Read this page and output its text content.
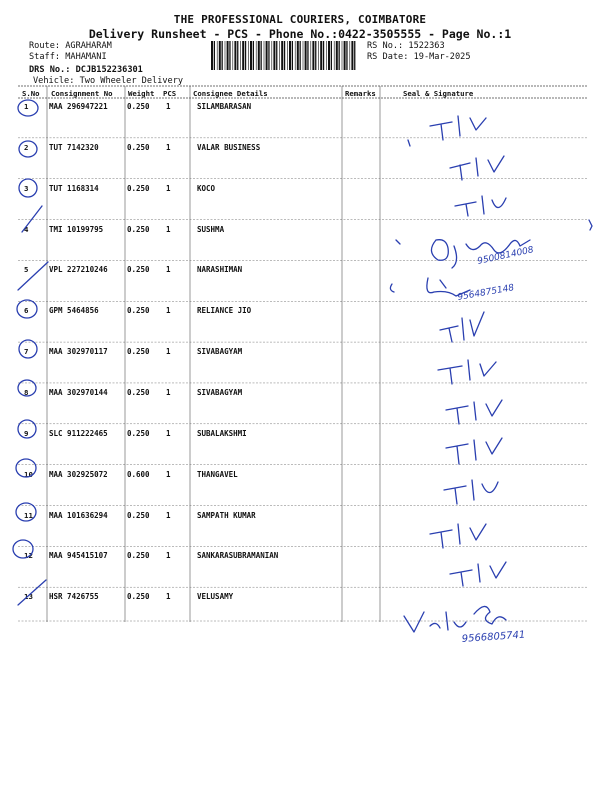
THE PROFESSIONAL COURIERS, COIMBATORE
Delivery Runsheet - PCS - Phone No.:0422-3505555 - Page No.:1
Route: AGRAHARAM
Staff: MAHAMANI
DRS No.: DCJB152236301
Vehicle: Two Wheeler Delivery
RS No.: 1522363
RS Date: 19-Mar-2025
S.No Consignment No Weight PCS Consignee Details	Remarks	Seal & Signature
1	MAA 296947221	0.250 1	SILAMBARASAN
2	TUT 7142320	0.250 1	VALAR BUSINESS
3	TUT 1168314	0.250 1	KOCO
4	TMI 10199795	0.250 1	SUSHMA
5	VPL 227210246	0.250 1	NARASHIMAN
6	GPM 5464856	0.250 1	RELIANCE JIO
7	MAA 302970117	0.250 1	SIVABAGYAM
8	MAA 302970144	0.250 1	SIVABAGYAM
9	SLC 911222465	0.250 1	SUBALAKSHMI
10 MAA 302925072	0.600 1	THANGAVEL
11 MAA 101636294	0.250 1	SAMPATH KUMAR
12 MAA 945415107	0.250 1	SANKARASUBRAMANIAN
13 HSR 7426755	0.250 1	VELUSAMY
9500814008
9564875148
9566805741
